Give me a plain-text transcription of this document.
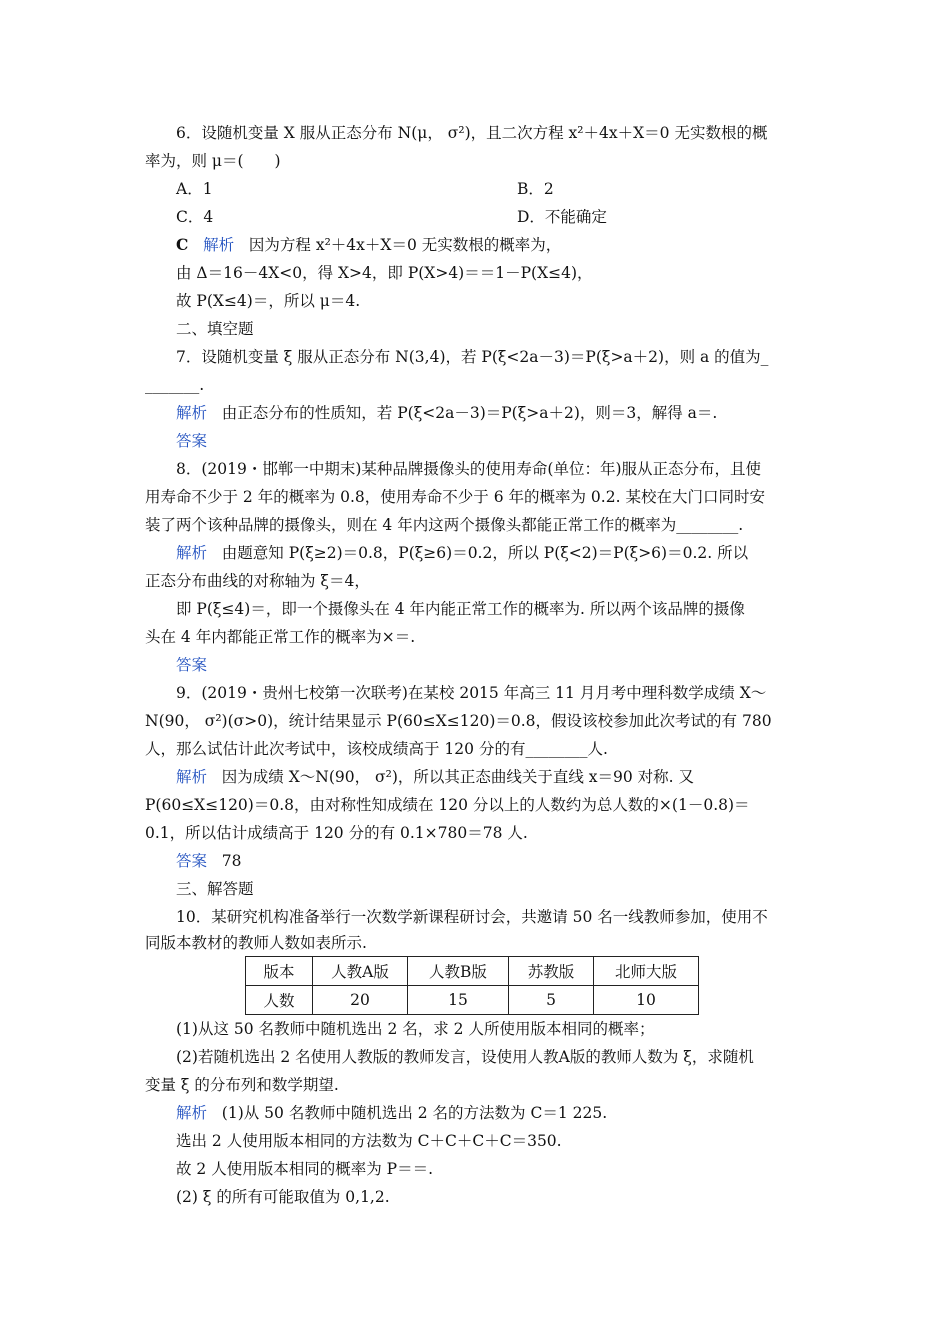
6．设随机变量 X 服从正态分布 N(μ， σ²)，且二次方程 x²＋4x＋X＝0 无实数根的概
率为，则 μ＝(　　)
A．1	B．2
C．4	D．不能确定
C 解析 因为方程 x²＋4x＋X＝0 无实数根的概率为，
由 Δ＝16－4X<0，得 X>4，即 P(X>4)＝＝1－P(X≤4)，
故 P(X≤4)＝，所以 μ＝4.
二、填空题
7．设随机变量 ξ 服从正态分布 N(3,4)，若 P(ξ<2a－3)＝P(ξ>a＋2)，则 a 的值为_
_______.
解析 由正态分布的性质知，若 P(ξ<2a－3)＝P(ξ>a＋2)，则＝3，解得 a＝.
答案
8．(2019・邯郸一中期末)某种品牌摄像头的使用寿命(单位：年)服从正态分布，且使
用寿命不少于 2 年的概率为 0.8，使用寿命不少于 6 年的概率为 0.2. 某校在大门口同时安
装了两个该种品牌的摄像头，则在 4 年内这两个摄像头都能正常工作的概率为________.
解析 由题意知 P(ξ≥2)＝0.8，P(ξ≥6)＝0.2，所以 P(ξ<2)＝P(ξ>6)＝0.2. 所以
正态分布曲线的对称轴为 ξ＝4，
即 P(ξ≤4)＝，即一个摄像头在 4 年内能正常工作的概率为. 所以两个该品牌的摄像
头在 4 年内都能正常工作的概率为×＝.
答案
9．(2019・贵州七校第一次联考)在某校 2015 年高三 11 月月考中理科数学成绩 X～
N(90， σ²)(σ>0)，统计结果显示 P(60≤X≤120)＝0.8，假设该校参加此次考试的有 780
人，那么试估计此次考试中，该校成绩高于 120 分的有________人.
解析 因为成绩 X～N(90， σ²)，所以其正态曲线关于直线 x＝90 对称. 又
P(60≤X≤120)＝0.8，由对称性知成绩在 120 分以上的人数约为总人数的×(1－0.8)＝
0.1，所以估计成绩高于 120 分的有 0.1×780＝78 人.
答案 78
三、解答题
10．某研究机构准备举行一次数学新课程研讨会，共邀请 50 名一线教师参加，使用不
同版本教材的教师人数如表所示.
版本	人教A版	人教B版	苏教版	北师大版
人数	20	15	5	10
(1)从这 50 名教师中随机选出 2 名，求 2 人所使用版本相同的概率；
(2)若随机选出 2 名使用人教版的教师发言，设使用人教A版的教师人数为 ξ，求随机
变量 ξ 的分布列和数学期望.
解析 (1)从 50 名教师中随机选出 2 名的方法数为 C＝1 225.
选出 2 人使用版本相同的方法数为 C＋C＋C＋C＝350.
故 2 人使用版本相同的概率为 P＝＝.
(2) ξ 的所有可能取值为 0,1,2.
